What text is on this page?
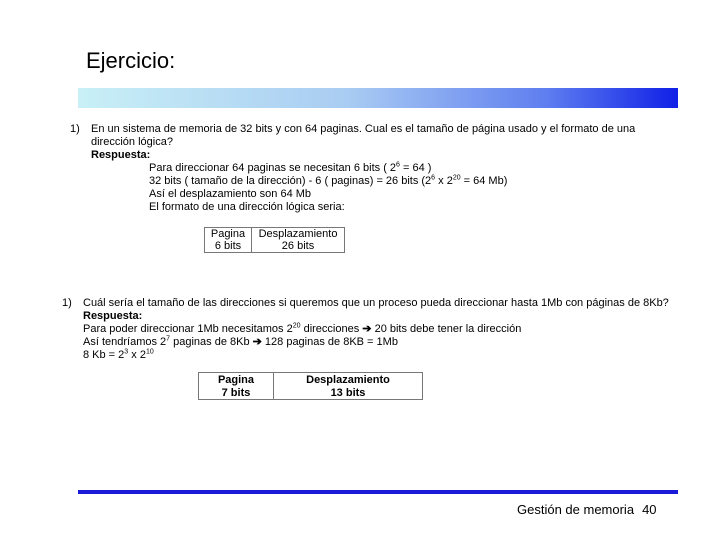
Ejercicio:
1)	En un sistema de memoria de 32 bits y con 64 paginas. Cual es el tamaño de página usado y el formato de una dirección lógica?
Respuesta:
Para direccionar 64 paginas se necesitan 6 bits ( $2^6 = 64$ )
32 bits ( tamaño de la dirección) - 6 ( paginas) = 26 bits ($2^6$ x $2^{20} = 64$ Mb)
Así el desplazamiento son 64 Mb
El formato de una dirección lógica seria:
Pagina	Desplazamiento
6 bits	26 bits
1)	Cuál sería el tamaño de las direcciones si queremos que un proceso pueda direccionar hasta 1Mb con páginas de 8Kb?
Respuesta:
Para poder direccionar 1Mb necesitamos $2^{20}$ direcciones ➔ 20 bits debe tener la dirección
Así tendríamos $2^7$ paginas de 8Kb ➔ 128 paginas de 8KB = 1Mb
8 $Kb = 2^3$ x $2^{10}$
Pagina	Desplazamiento
7 bits	13 bits
Gestión de memoria 40
